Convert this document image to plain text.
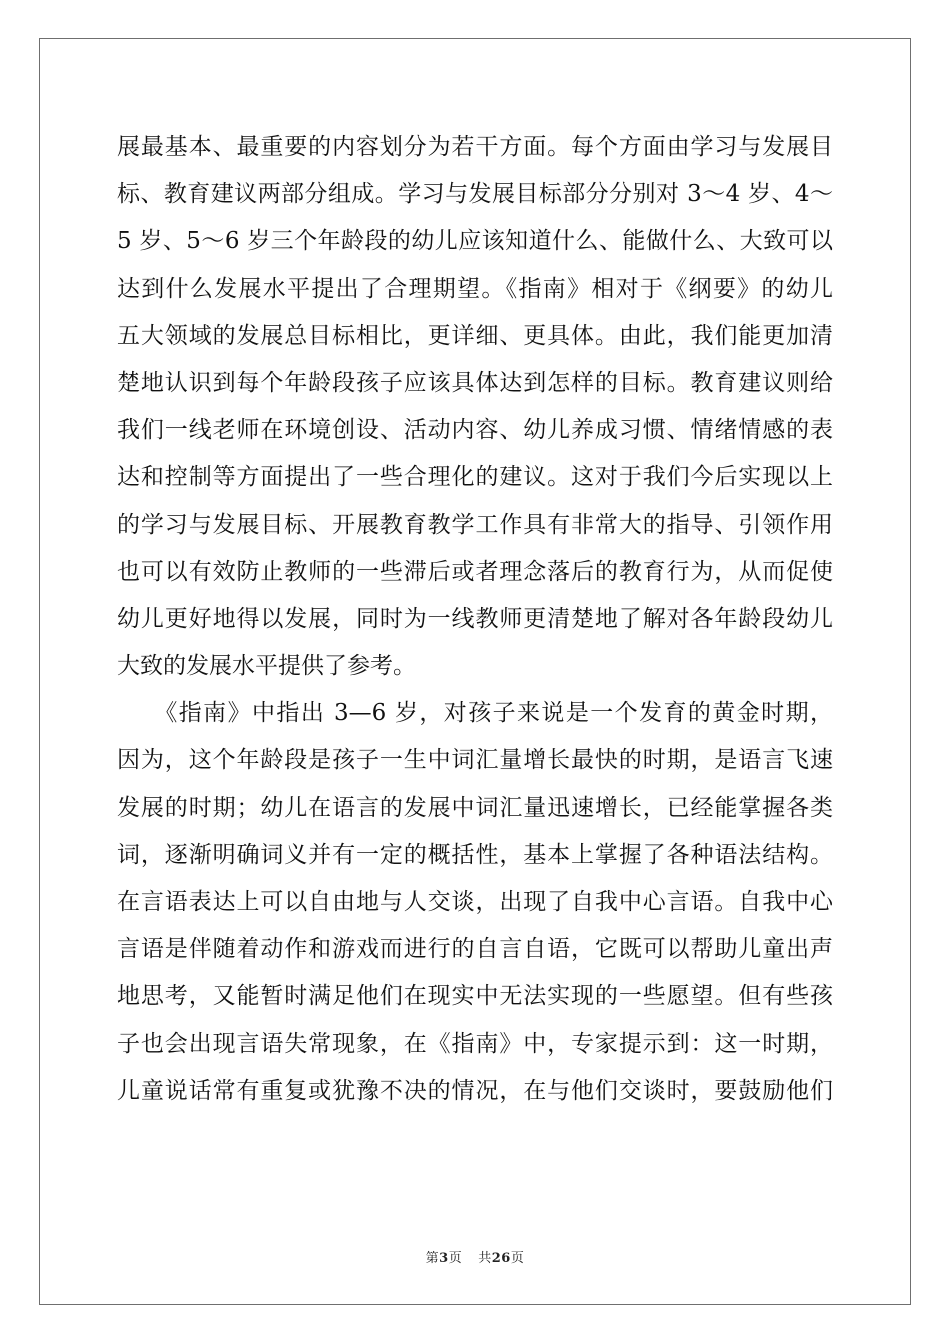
展最基本、最重要的内容划分为若干方面。每个方面由学习与发展目
标、教育建议两部分组成。学习与发展目标部分分别对 3～4 岁、4～
5 岁、5～6 岁三个年龄段的幼儿应该知道什么、能做什么、大致可以
达到什么发展水平提出了合理期望。《指南》相对于《纲要》的幼儿
五大领域的发展总目标相比，更详细、更具体。由此，我们能更加清
楚地认识到每个年龄段孩子应该具体达到怎样的目标。教育建议则给
我们一线老师在环境创设、活动内容、幼儿养成习惯、情绪情感的表
达和控制等方面提出了一些合理化的建议。这对于我们今后实现以上
的学习与发展目标、开展教育教学工作具有非常大的指导、引领作用
也可以有效防止教师的一些滞后或者理念落后的教育行为，从而促使
幼儿更好地得以发展，同时为一线教师更清楚地了解对各年龄段幼儿
大致的发展水平提供了参考。
　　《指南》中指出 3—6 岁，对孩子来说是一个发育的黄金时期，
因为，这个年龄段是孩子一生中词汇量增长最快的时期，是语言飞速
发展的时期；幼儿在语言的发展中词汇量迅速增长，已经能掌握各类
词，逐渐明确词义并有一定的概括性，基本上掌握了各种语法结构。
在言语表达上可以自由地与人交谈，出现了自我中心言语。自我中心
言语是伴随着动作和游戏而进行的自言自语，它既可以帮助儿童出声
地思考，又能暂时满足他们在现实中无法实现的一些愿望。但有些孩
子也会出现言语失常现象，在《指南》中，专家提示到：这一时期，
儿童说话常有重复或犹豫不决的情况，在与他们交谈时，要鼓励他们
第3页 共26页
